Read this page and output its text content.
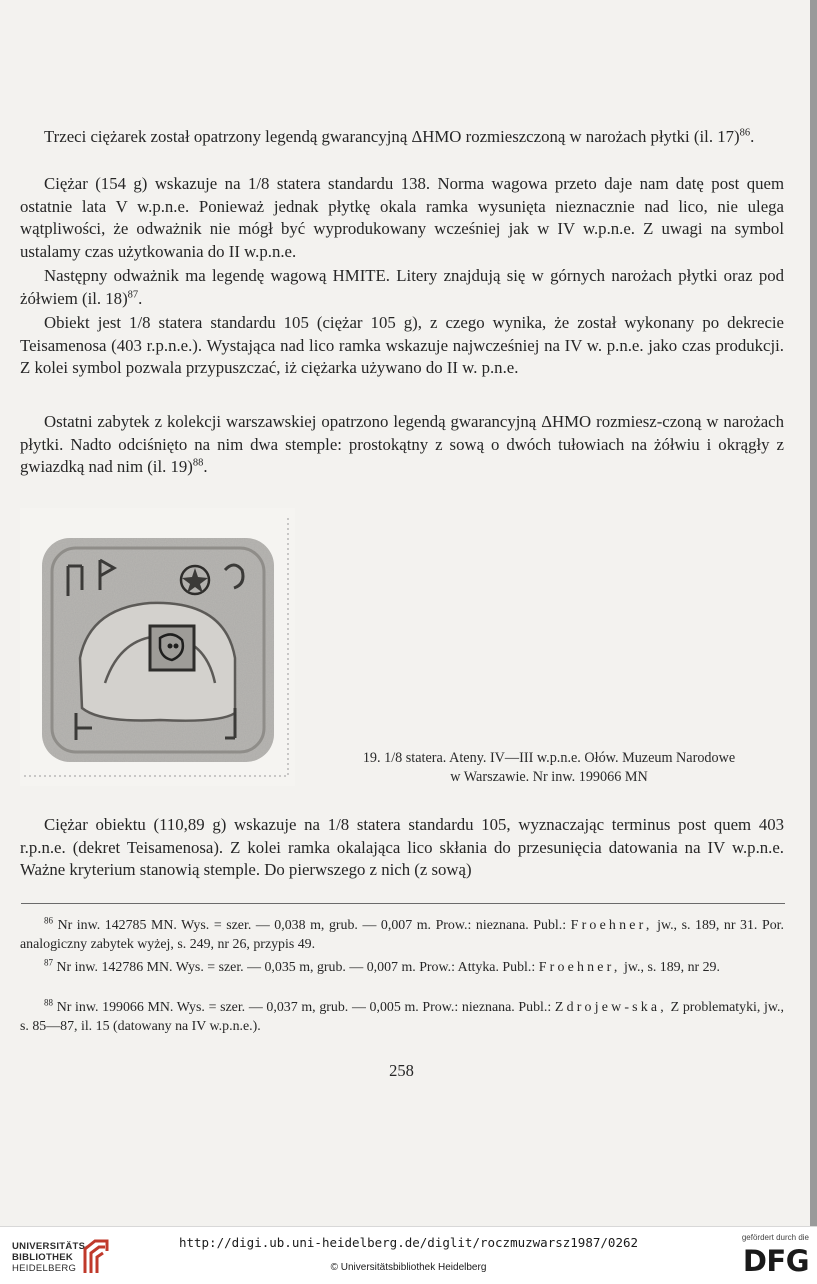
Trzeci ciężarek został opatrzony legendą gwarancyjną ΔΗΜΟ rozmieszczoną w narożach płytki (il. 17)$^{86}$.

Ciężar (154 g) wskazuje na 1/8 statera standardu 138. Norma wagowa przeto daje nam datę post quem ostatnie lata V w.p.n.e. Ponieważ jednak płytkę okala ramka wysunięta nieznacznie nad lico, nie ulega wątpliwości, że odważnik nie mógł być wyprodukowany wcześniej jak w IV w.p.n.e. Z uwagi na symbol ustalamy czas użytkowania do II w.p.n.e.

Następny odważnik ma legendę wagową HMITE. Litery znajdują się w górnych narożach płytki oraz pod żółwiem (il. 18)$^{87}$.

Obiekt jest 1/8 statera standardu 105 (ciężar 105 g), z czego wynika, że został wykonany po dekrecie Teisamenosa (403 r.p.n.e.). Wystająca nad lico ramka wskazuje najwcześniej na IV w. p.n.e. jako czas produkcji. Z kolei symbol pozwala przypuszczać, iż ciężarka używano do II w. p.n.e.

Ostatni zabytek z kolekcji warszawskiej opatrzono legendą gwarancyjną ΔΗΜΟ rozmiesz-czoną w narożach płytki. Nadto odciśnięto na nim dwa stemple: prostokątny z sową o dwóch tułowiach na żółwiu i okrągły z gwiazdką nad nim (il. 19)$^{88}$.

19. 1/8 statera. Ateny. IV—III w.p.n.e. Ołów. Muzeum Narodowe
w Warszawie. Nr inw. 199066 MN

Ciężar obiektu (110,89 g) wskazuje na 1/8 statera standardu 105, wyznaczając terminus post quem 403 r.p.n.e. (dekret Teisamenosa). Z kolei ramka okalająca lico skłania do przesunięcia datowania na IV w.p.n.e. Ważne kryterium stanowią stemple. Do pierwszego z nich (z sową)

$^{86}$ Nr inw. 142785 MN. Wys. = szer. — 0,038 m, grub. — 0,007 m. Prow.: nieznana. Publ.: Froehner, jw., s. 189, nr 31. Por. analogiczny zabytek wyżej, s. 249, nr 26, przypis 49.

$^{87}$ Nr inw. 142786 MN. Wys. = szer. — 0,035 m, grub. — 0,007 m. Prow.: Attyka. Publ.: Froehner, jw., s. 189, nr 29.

$^{88}$ Nr inw. 199066 MN. Wys. = szer. — 0,037 m, grub. — 0,005 m. Prow.: nieznana. Publ.: Zdrojew-ska, Z problematyki, jw., s. 85—87, il. 15 (datowany na IV w.p.n.e.).

258

UNIVERSITÄTS-

BIBLIOTHEK

HEIDELBERG

http://digi.ub.uni-heidelberg.de/diglit/roczmuzwarsz1987/0262

© Universitätsbibliothek Heidelberg

gefördert durch die

DFG
